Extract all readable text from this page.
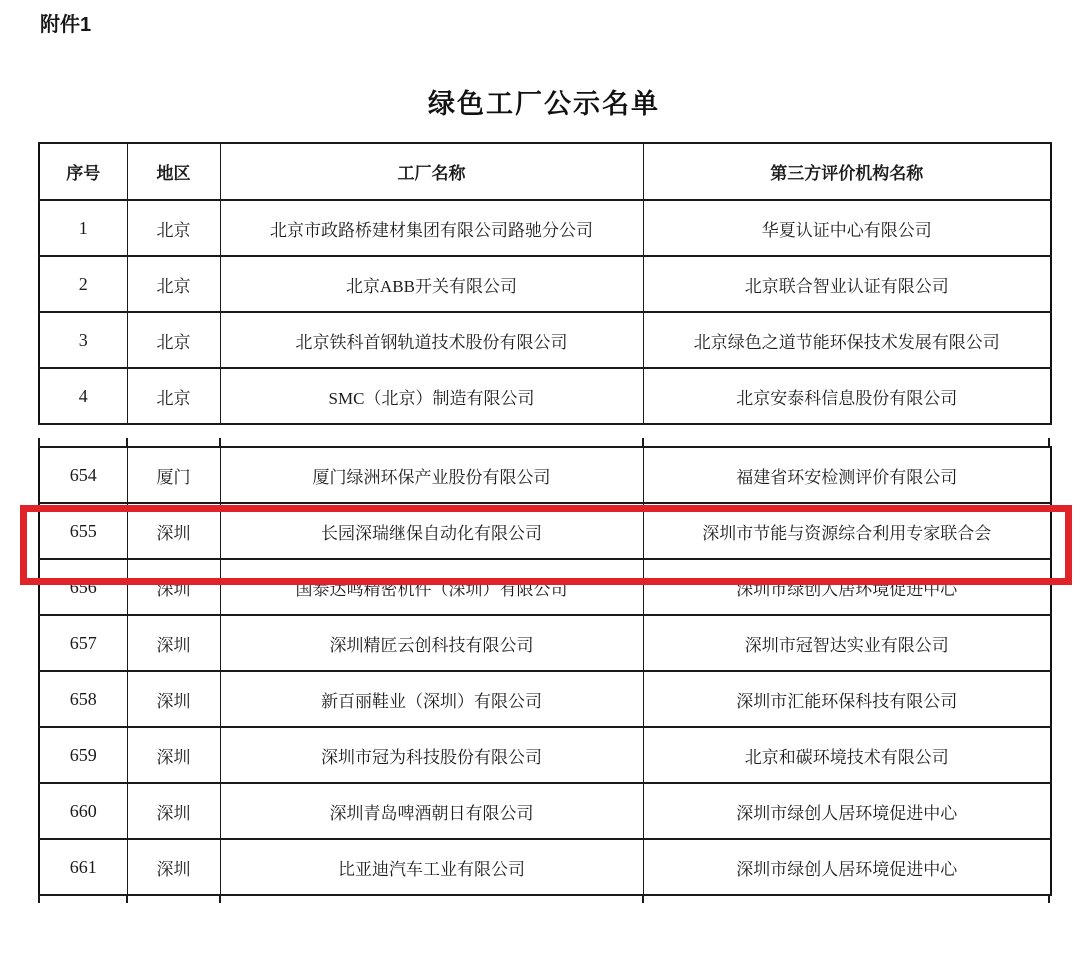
附件1
绿色工厂公示名单
序号	地区	工厂名称	第三方评价机构名称
1	北京	北京市政路桥建材集团有限公司路驰分公司	华夏认证中心有限公司
2	北京	北京ABB开关有限公司	北京联合智业认证有限公司
3	北京	北京铁科首钢轨道技术股份有限公司	北京绿色之道节能环保技术发展有限公司
4	北京	SMC（北京）制造有限公司	北京安泰科信息股份有限公司
654	厦门	厦门绿洲环保产业股份有限公司	福建省环安检测评价有限公司
655	深圳	长园深瑞继保自动化有限公司	深圳市节能与资源综合利用专家联合会
656	深圳	国泰达鸣精密机件（深圳）有限公司	深圳市绿创人居环境促进中心
657	深圳	深圳精匠云创科技有限公司	深圳市冠智达实业有限公司
658	深圳	新百丽鞋业（深圳）有限公司	深圳市汇能环保科技有限公司
659	深圳	深圳市冠为科技股份有限公司	北京和碳环境技术有限公司
660	深圳	深圳青岛啤酒朝日有限公司	深圳市绿创人居环境促进中心
661	深圳	比亚迪汽车工业有限公司	深圳市绿创人居环境促进中心
